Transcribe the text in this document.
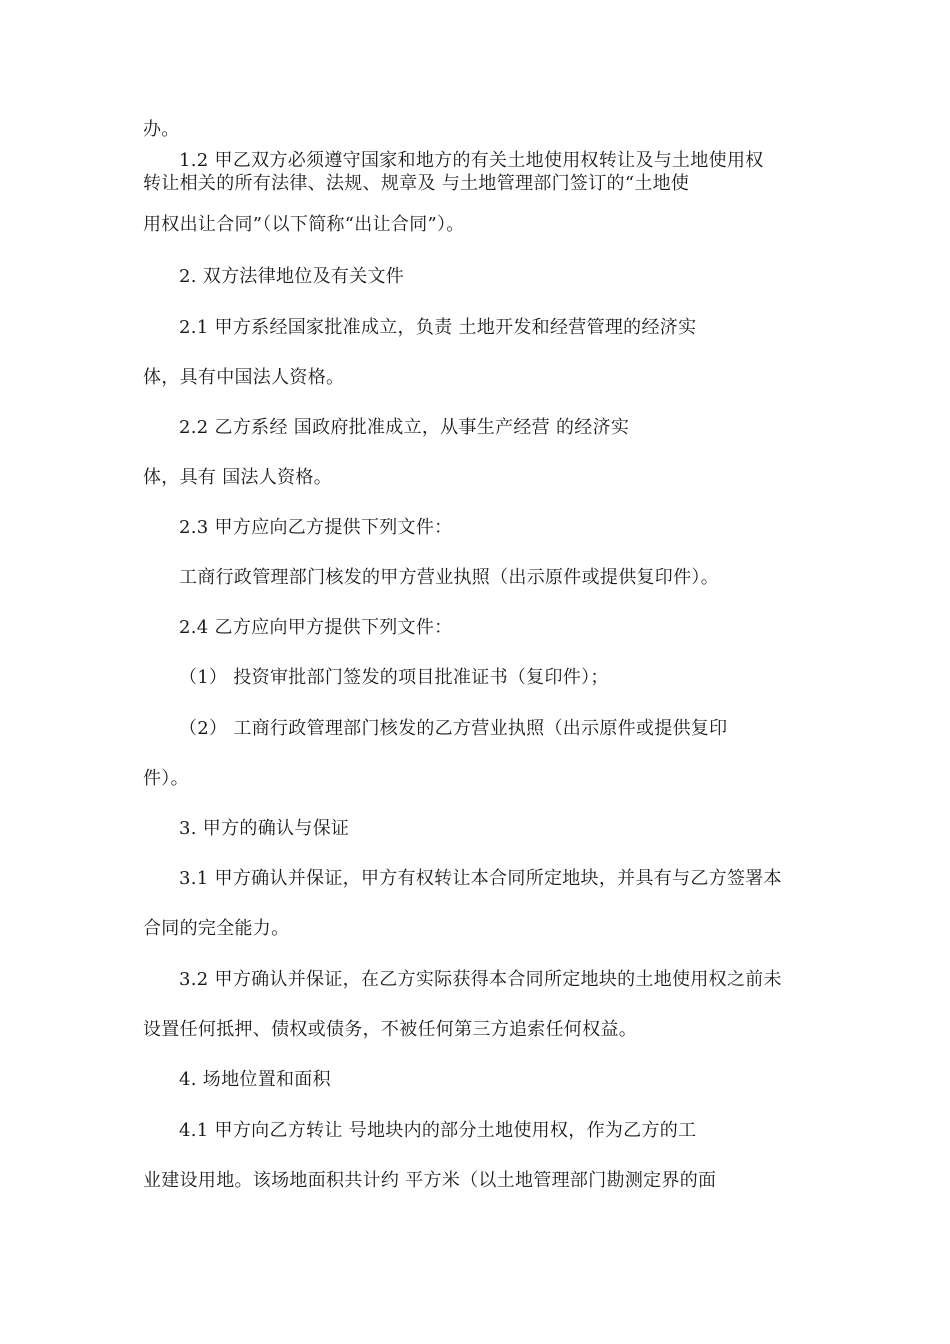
办。
1.2 甲乙双方必须遵守国家和地方的有关土地使用权转让及与土地使用权
转让相关的所有法律、法规、规章及 与土地管理部门签订的“土地使
用权出让合同”（以下简称“出让合同”）。
2. 双方法律地位及有关文件
2.1 甲方系经国家批准成立，负责 土地开发和经营管理的经济实
体，具有中国法人资格。
2.2 乙方系经 国政府批准成立，从事生产经营 的经济实
体，具有 国法人资格。
2.3 甲方应向乙方提供下列文件：
工商行政管理部门核发的甲方营业执照（出示原件或提供复印件）。
2.4 乙方应向甲方提供下列文件：
（1） 投资审批部门签发的项目批准证书（复印件）；
（2） 工商行政管理部门核发的乙方营业执照（出示原件或提供复印
件）。
3. 甲方的确认与保证
3.1 甲方确认并保证，甲方有权转让本合同所定地块，并具有与乙方签署本
合同的完全能力。
3.2 甲方确认并保证，在乙方实际获得本合同所定地块的土地使用权之前未
设置任何抵押、债权或债务，不被任何第三方追索任何权益。
4. 场地位置和面积
4.1 甲方向乙方转让 号地块内的部分土地使用权，作为乙方的工
业建设用地。该场地面积共计约 平方米（以土地管理部门勘测定界的面
